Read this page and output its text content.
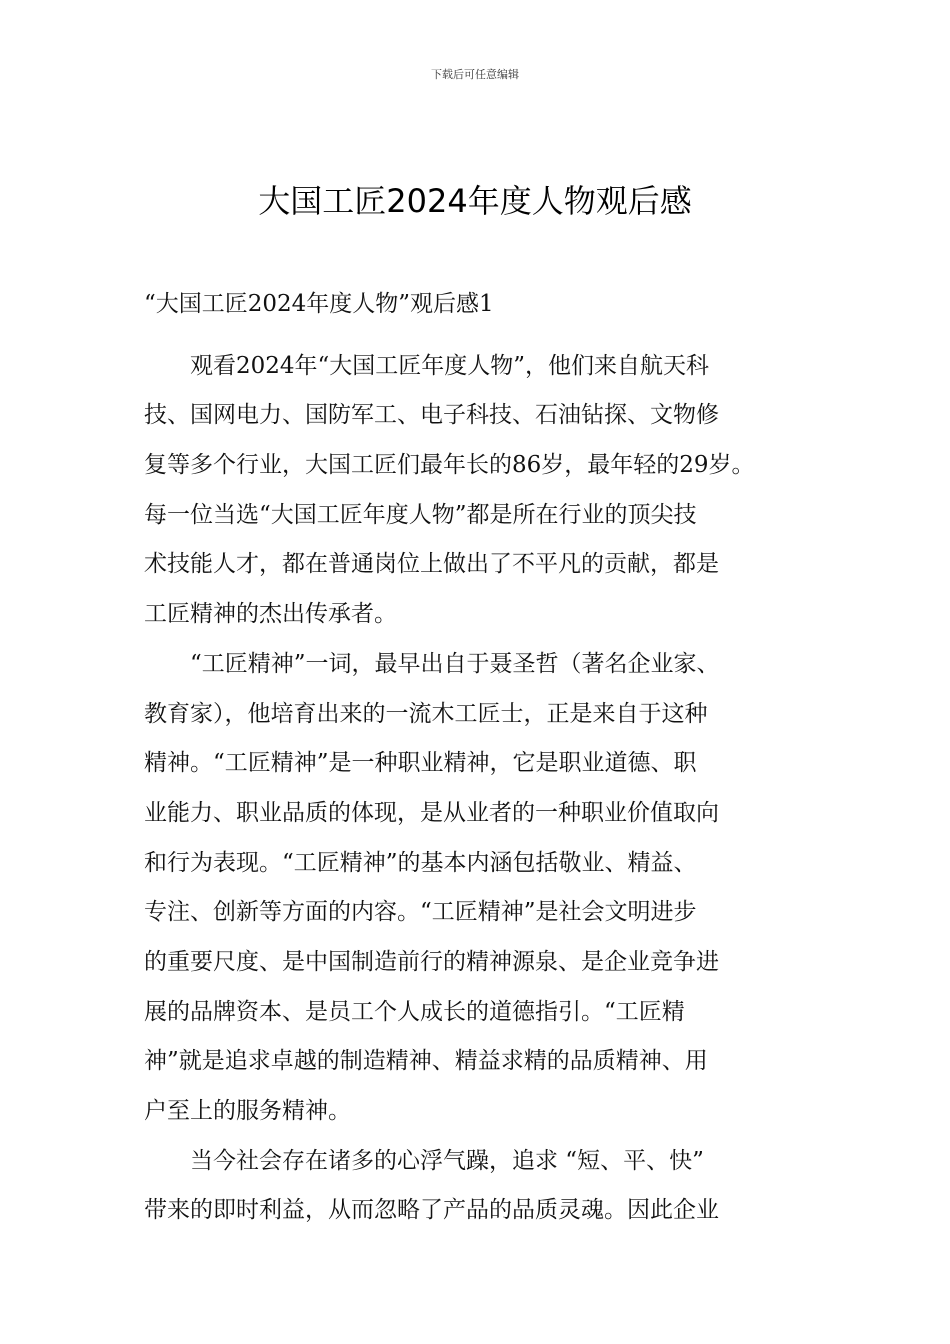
下载后可任意编辑
大国工匠2024年度人物观后感
“大国工匠2024年度人物”观后感1
　　观看2024年“大国工匠年度人物”，他们来自航天科
技、国网电力、国防军工、电子科技、石油钻探、文物修
复等多个行业，大国工匠们最年长的86岁，最年轻的29岁。
每一位当选“大国工匠年度人物”都是所在行业的顶尖技
术技能人才，都在普通岗位上做出了不平凡的贡献，都是
工匠精神的杰出传承者。
　　“工匠精神”一词，最早出自于聂圣哲（著名企业家、
教育家），他培育出来的一流木工匠士，正是来自于这种
精神。“工匠精神”是一种职业精神，它是职业道德、职
业能力、职业品质的体现，是从业者的一种职业价值取向
和行为表现。“工匠精神”的基本内涵包括敬业、精益、
专注、创新等方面的内容。“工匠精神”是社会文明进步
的重要尺度、是中国制造前行的精神源泉、是企业竞争进
展的品牌资本、是员工个人成长的道德指引。“工匠精
神”就是追求卓越的制造精神、精益求精的品质精神、用
户至上的服务精神。
　　当今社会存在诸多的心浮气躁，追求 “短、平、快”
带来的即时利益，从而忽略了产品的品质灵魂。因此企业
